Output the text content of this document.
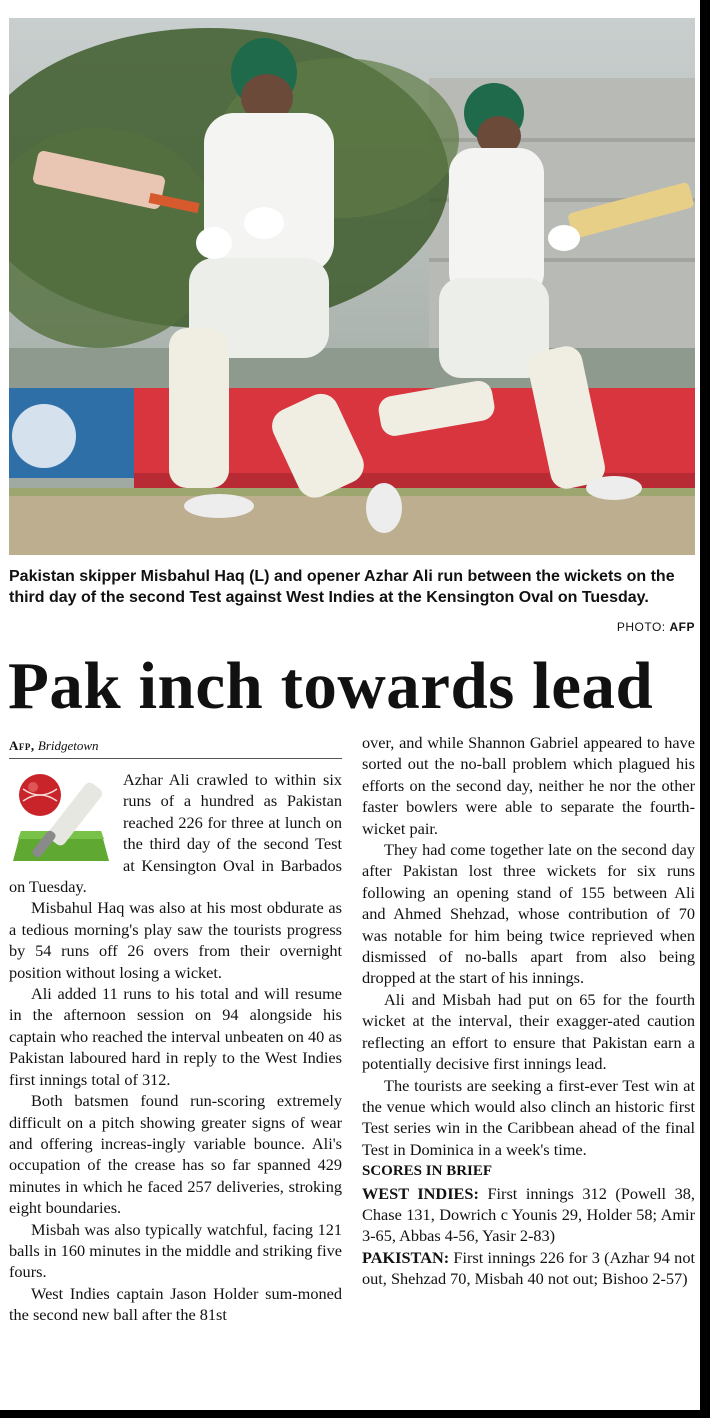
Pakistan skipper Misbahul Haq (L) and opener Azhar Ali run between the wickets on the third day of the second Test against West Indies at the Kensington Oval on Tuesday.
PHOTO: AFP
Pak inch towards lead
Afp, Bridgetown

Azhar Ali crawled to within six runs of a hundred as Pakistan reached 226 for three at lunch on the third day of the second Test at Kensington Oval in Barbados on Tuesday.

Misbahul Haq was also at his most obdurate as a tedious morning's play saw the tourists progress by 54 runs off 26 overs from their overnight position without losing a wicket.

Ali added 11 runs to his total and will resume in the afternoon session on 94 alongside his captain who reached the interval unbeaten on 40 as Pakistan laboured hard in reply to the West Indies first innings total of 312.

Both batsmen found run-scoring extremely difficult on a pitch showing greater signs of wear and offering increas-ingly variable bounce. Ali's occupation of the crease has so far spanned 429 minutes in which he faced 257 deliveries, stroking eight boundaries.

Misbah was also typically watchful, facing 121 balls in 160 minutes in the middle and striking five fours.

West Indies captain Jason Holder sum-moned the second new ball after the 81st

over, and while Shannon Gabriel appeared to have sorted out the no-ball problem which plagued his efforts on the second day, neither he nor the other faster bowlers were able to separate the fourth-wicket pair.

They had come together late on the second day after Pakistan lost three wickets for six runs following an opening stand of 155 between Ali and Ahmed Shehzad, whose contribution of 70 was notable for him being twice reprieved when dismissed of no-balls apart from also being dropped at the start of his innings.

Ali and Misbah had put on 65 for the fourth wicket at the interval, their exagger-ated caution reflecting an effort to ensure that Pakistan earn a potentially decisive first innings lead.

The tourists are seeking a first-ever Test win at the venue which would also clinch an historic first Test series win in the Caribbean ahead of the final Test in Dominica in a week's time.

SCORES IN BRIEF

WEST INDIES: First innings 312 (Powell 38, Chase 131, Dowrich c Younis 29, Holder 58; Amir 3-65, Abbas 4-56, Yasir 2-83)

PAKISTAN: First innings 226 for 3 (Azhar 94 not out, Shehzad 70, Misbah 40 not out; Bishoo 2-57)
